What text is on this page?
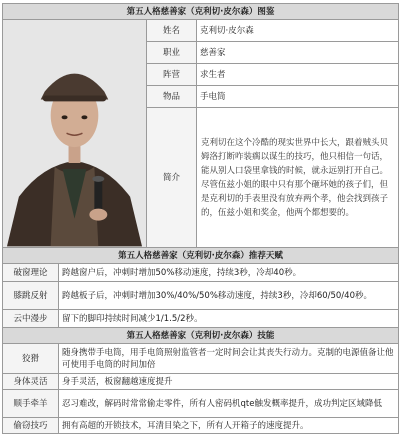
第五人格慈善家（克利切·皮尔森）图鉴			

	姓名	克利切·皮尔森
		职业	慈善家
		阵营	求生者
		物品	手电筒
		简介	克利切在这个冷酷的现实世界中长大，跟着贼头贝姆洛打断咋装瘸以谋生的技巧，他只相信一句话，能从别人口袋里拿钱的时候，就永远别打开自己。尽管伍兹小姐的眼中只有那个砸坏她的孩子们，但是克利切的手表里没有放弃两个孝，他会找到孩子的，伍兹小姐和奖金，他两个都想要的。
第五人格慈善家（克利切·皮尔森）推荐天赋			
破窗理论	跨越窗户后，冲刺时增加50%移动速度，持续3秒，冷却40秒。		
膝跳反射	跨越板子后，冲刺时增加30%/40%/50%移动速度，持续3秒，冷却60/50/40秒。		
云中漫步	留下的脚印持续时间减少1/1.5/2秒。		
第五人格慈善家（克利切·皮尔森）技能			
狡猾	随身携带手电筒，用手电筒照射监管者一定时间会让其丧失行动力。克制的电源值备让他可使用手电筒的时间加倍		
身体灵活	身手灵活，板窗翻越速度提升		
顺手牵羊	忍习难改，解码时常常偷走零件，所有人密码机qte触发概率提升，成功判定区域降低		
偷窃技巧	拥有高超的开锁技术，耳清目染之下，所有人开箱子的速度提升。		
